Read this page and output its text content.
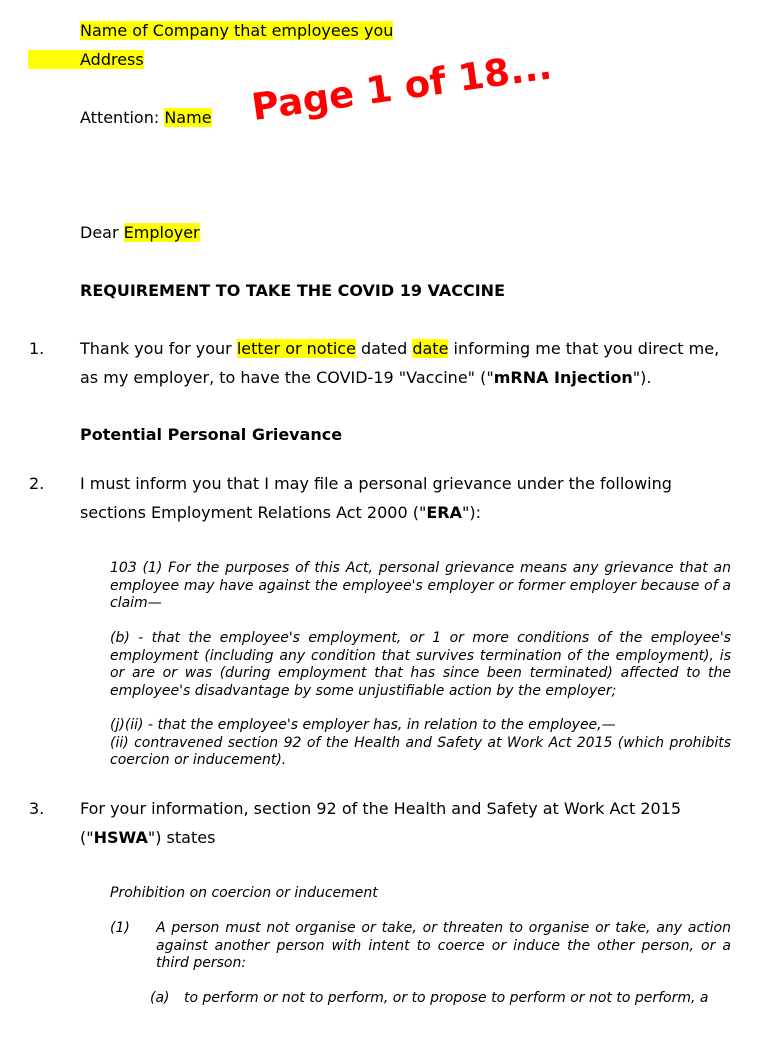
Name of Company that employees you
Address
Attention: Name Page 1 of 18...
Dear Employer
REQUIREMENT TO TAKE THE COVID 19 VACCINE
1. Thank you for your letter or notice dated date informing me that you direct me,
as my employer, to have the COVID-19 "Vaccine" ("mRNA Injection").
Potential Personal Grievance
2. I must inform you that I may file a personal grievance under the following
sections Employment Relations Act 2000 ("ERA"):
103 (1) For the purposes of this Act, personal grievance means any grievance that an employee may have against the employee's employer or former employer because of a claim—
(b) - that the employee's employment, or 1 or more conditions of the employee's employment (including any condition that survives termination of the employment), is or are or was (during employment that has since been terminated) affected to the employee's disadvantage by some unjustifiable action by the employer;
(j)(ii) - that the employee's employer has, in relation to the employee,—
(ii) contravened section 92 of the Health and Safety at Work Act 2015 (which prohibits coercion or inducement).
3. For your information, section 92 of the Health and Safety at Work Act 2015
("HSWA") states
Prohibition on coercion or inducement
(1) A person must not organise or take, or threaten to organise or take, any action against another person with intent to coerce or induce the other person, or a third person:
(a) to perform or not to perform, or to propose to perform or not to perform, a
